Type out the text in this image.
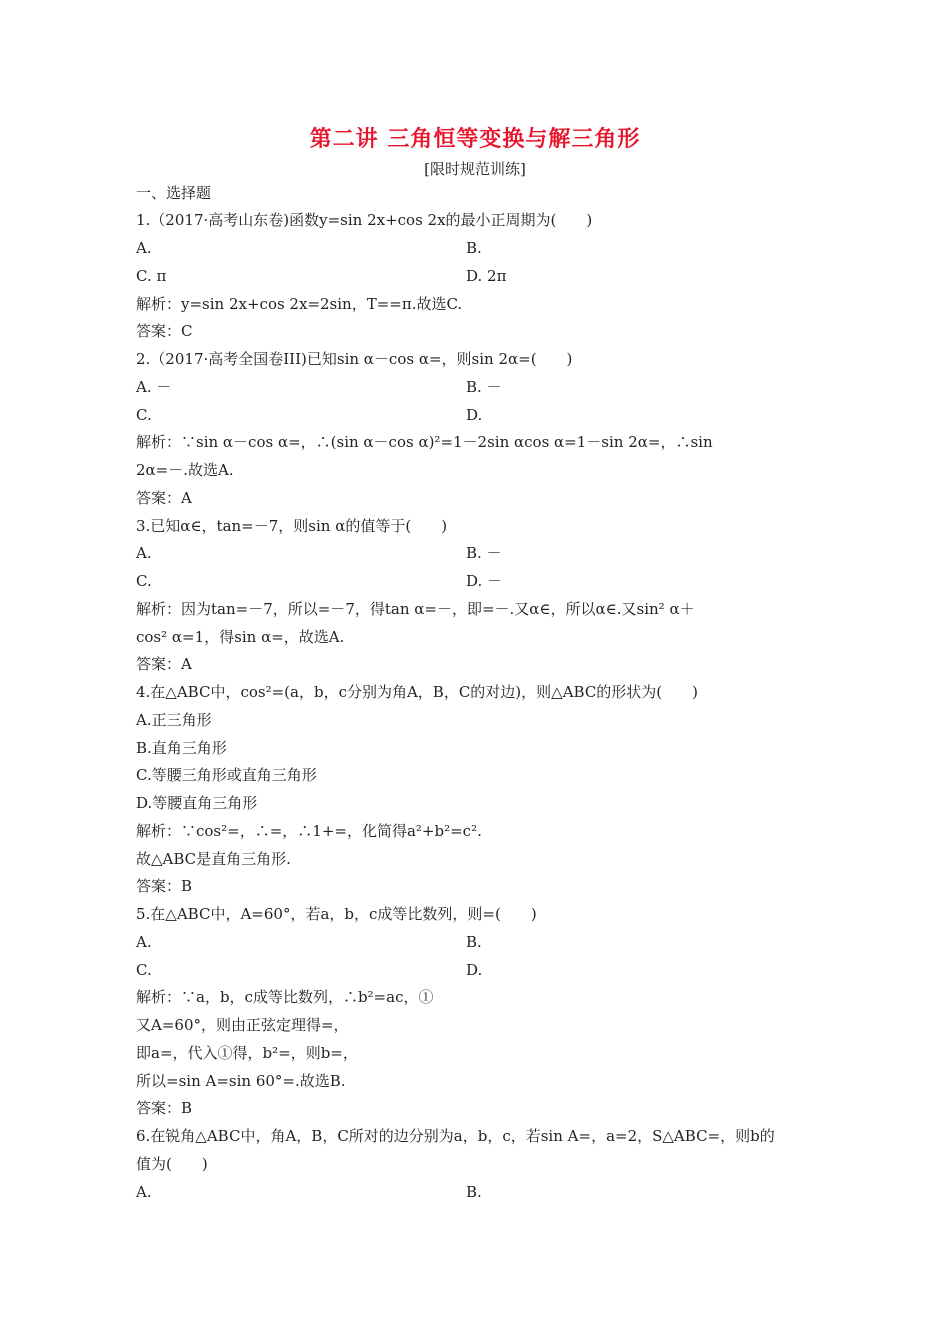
第二讲 三角恒等变换与解三角形
[限时规范训练]
一、选择题
1.（2017·高考山东卷)函数y=sin 2x+cos 2x的最小正周期为(　　)
A.	B.
C. π	D. 2π
解析：y=sin 2x+cos 2x=2sin，T==π.故选C.
答案：C
2.（2017·高考全国卷III)已知sin α－cos α=，则sin 2α=(　　)
A. －	B. －
C.	D.
解析：∵sin α－cos α=，∴(sin α－cos α)²=1－2sin αcos α=1－sin 2α=，∴sin
2α=－.故选A.
答案：A
3.已知α∈，tan=－7，则sin α的值等于(　　)
A.	B. －
C.	D. －
解析：因为tan=－7，所以=－7，得tan α=－，即=－.又α∈，所以α∈.又sin² α＋
cos² α=1，得sin α=，故选A.
答案：A
4.在△ABC中，cos²=(a，b，c分别为角A，B，C的对边)，则△ABC的形状为(　　)
A.正三角形
B.直角三角形
C.等腰三角形或直角三角形
D.等腰直角三角形
解析：∵cos²=，∴=，∴1+=，化简得a²+b²=c².
故△ABC是直角三角形.
答案：B
5.在△ABC中，A=60°，若a，b，c成等比数列，则=(　　)
A.	B.
C.	D.
解析：∵a，b，c成等比数列，∴b²=ac，①
又A=60°，则由正弦定理得=，
即a=，代入①得，b²=，则b=，
所以=sin A=sin 60°=.故选B.
答案：B
6.在锐角△ABC中，角A，B，C所对的边分别为a，b，c，若sin A=，a=2，S△ABC=，则b的
值为(　　)
A.	B.
